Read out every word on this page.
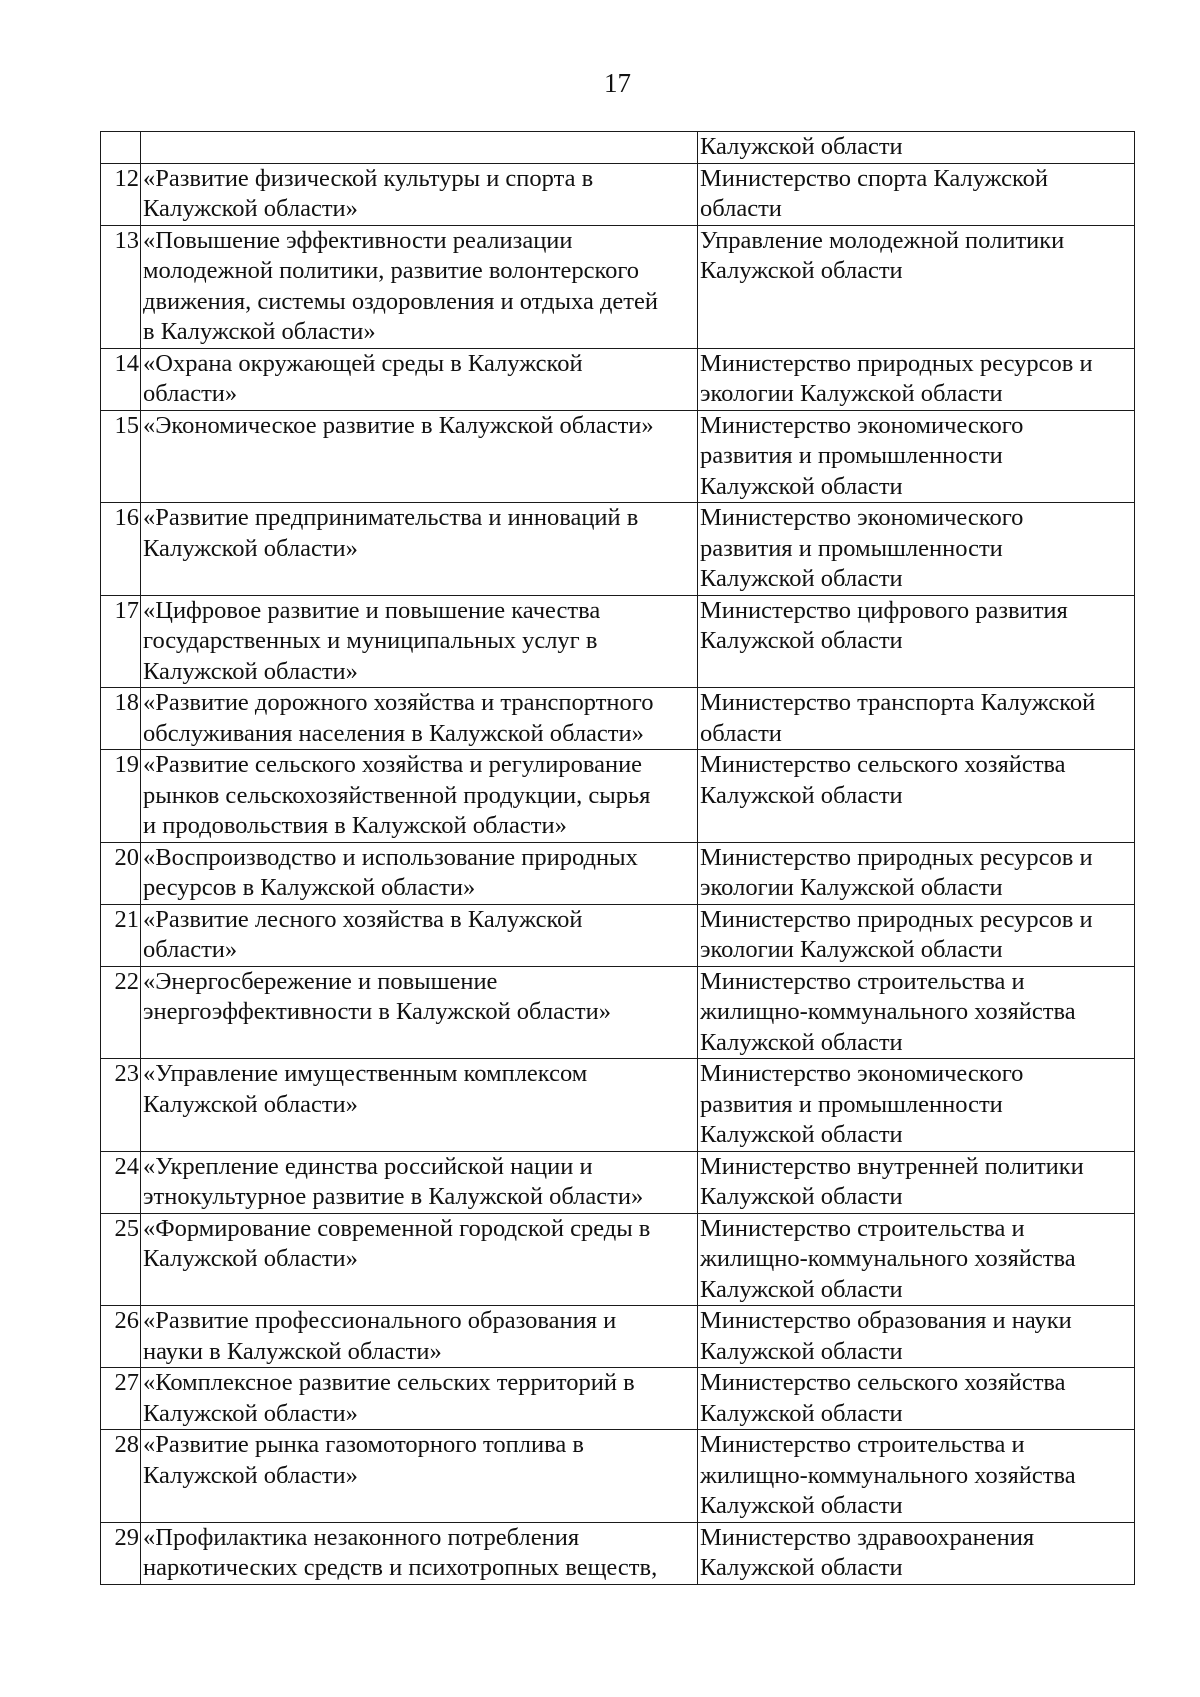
17
		Калужской области
12	«Развитие физической культуры и спорта в
Калужской области»	Министерство спорта Калужской
области
13	«Повышение эффективности реализации
молодежной политики, развитие волонтерского
движения, системы оздоровления и отдыха детей
в Калужской области»	Управление молодежной политики
Калужской области
14	«Охрана окружающей среды в Калужской
области»	Министерство природных ресурсов и
экологии Калужской области
15	«Экономическое развитие в Калужской области»	Министерство экономического
развития и промышленности
Калужской области
16	«Развитие предпринимательства и инноваций в
Калужской области»	Министерство экономического
развития и промышленности
Калужской области
17	«Цифровое развитие и повышение качества
государственных и муниципальных услуг в
Калужской области»	Министерство цифрового развития
Калужской области
18	«Развитие дорожного хозяйства и транспортного
обслуживания населения в Калужской области»	Министерство транспорта Калужской
области
19	«Развитие сельского хозяйства и регулирование
рынков сельскохозяйственной продукции, сырья
и продовольствия в Калужской области»	Министерство сельского хозяйства
Калужской области
20	«Воспроизводство и использование природных
ресурсов в Калужской области»	Министерство природных ресурсов и
экологии Калужской области
21	«Развитие лесного хозяйства в Калужской
области»	Министерство природных ресурсов и
экологии Калужской области
22	«Энергосбережение и повышение
энергоэффективности в Калужской области»	Министерство строительства и
жилищно-коммунального хозяйства
Калужской области
23	«Управление имущественным комплексом
Калужской области»	Министерство экономического
развития и промышленности
Калужской области
24	«Укрепление единства российской нации и
этнокультурное развитие в Калужской области»	Министерство внутренней политики
Калужской области
25	«Формирование современной городской среды в
Калужской области»	Министерство строительства и
жилищно-коммунального хозяйства
Калужской области
26	«Развитие профессионального образования и
науки в Калужской области»	Министерство образования и науки
Калужской области
27	«Комплексное развитие сельских территорий в
Калужской области»	Министерство сельского хозяйства
Калужской области
28	«Развитие рынка газомоторного топлива в
Калужской области»	Министерство строительства и
жилищно-коммунального хозяйства
Калужской области
29	«Профилактика незаконного потребления
наркотических средств и психотропных веществ,	Министерство здравоохранения
Калужской области
